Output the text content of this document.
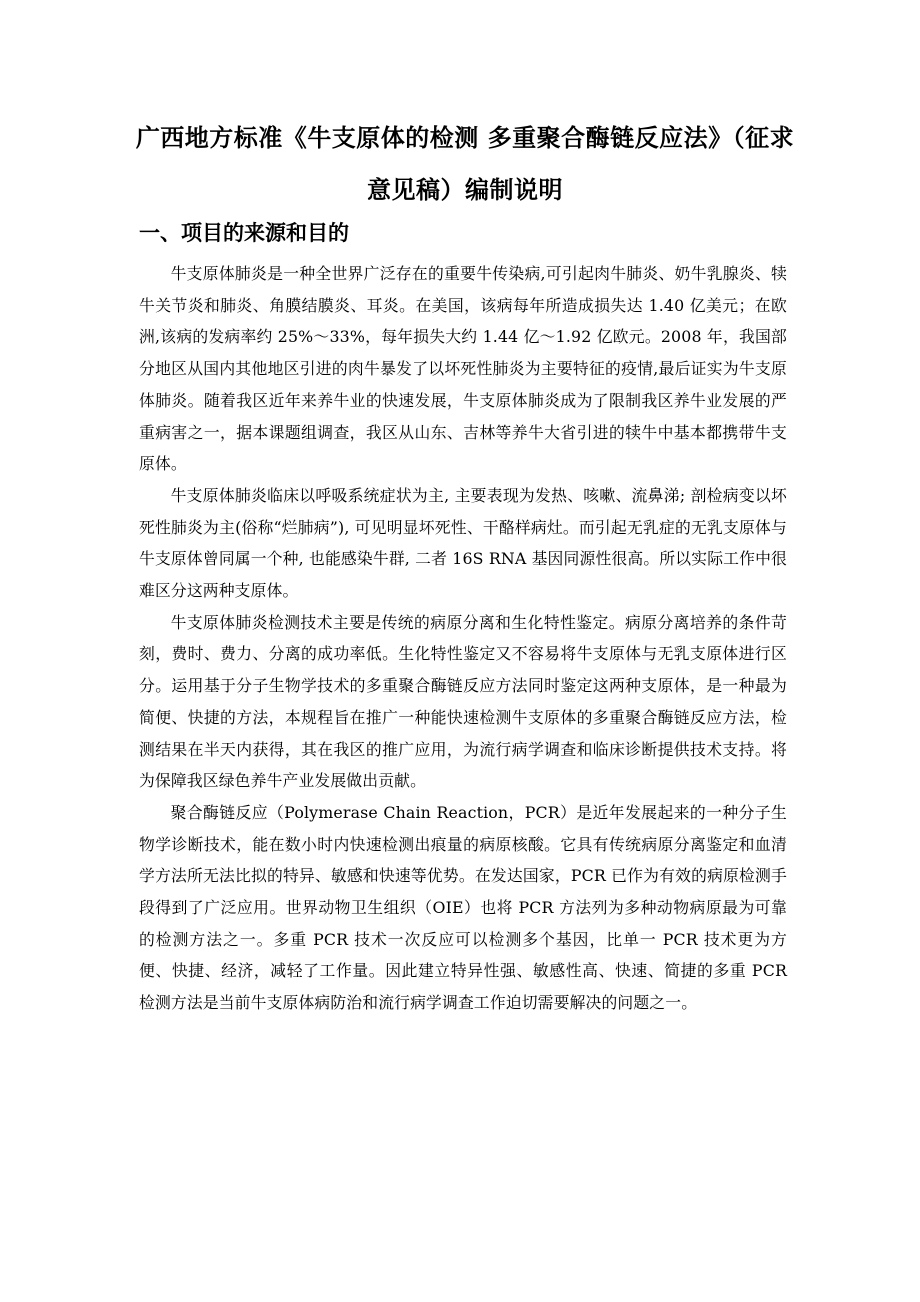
广西地方标准《牛支原体的检测 多重聚合酶链反应法》（征求意见稿）编制说明
一、项目的来源和目的

牛支原体肺炎是一种全世界广泛存在的重要牛传染病,可引起肉牛肺炎、奶牛乳腺炎、犊牛关节炎和肺炎、角膜结膜炎、耳炎。在美国，该病每年所造成损失达 1.40 亿美元；在欧洲,该病的发病率约 25%～33%，每年损失大约 1.44 亿～1.92 亿欧元。2008 年，我国部分地区从国内其他地区引进的肉牛暴发了以坏死性肺炎为主要特征的疫情,最后证实为牛支原体肺炎。随着我区近年来养牛业的快速发展，牛支原体肺炎成为了限制我区养牛业发展的严重病害之一，据本课题组调查，我区从山东、吉林等养牛大省引进的犊牛中基本都携带牛支原体。

牛支原体肺炎临床以呼吸系统症状为主, 主要表现为发热、咳嗽、流鼻涕; 剖检病变以坏死性肺炎为主(俗称“烂肺病”), 可见明显坏死性、干酪样病灶。而引起无乳症的无乳支原体与牛支原体曾同属一个种, 也能感染牛群, 二者 16S RNA 基因同源性很高。所以实际工作中很难区分这两种支原体。

牛支原体肺炎检测技术主要是传统的病原分离和生化特性鉴定。病原分离培养的条件苛刻，费时、费力、分离的成功率低。生化特性鉴定又不容易将牛支原体与无乳支原体进行区分。运用基于分子生物学技术的多重聚合酶链反应方法同时鉴定这两种支原体，是一种最为简便、快捷的方法，本规程旨在推广一种能快速检测牛支原体的多重聚合酶链反应方法，检测结果在半天内获得，其在我区的推广应用，为流行病学调查和临床诊断提供技术支持。将为保障我区绿色养牛产业发展做出贡献。

聚合酶链反应（Polymerase Chain Reaction，PCR）是近年发展起来的一种分子生物学诊断技术，能在数小时内快速检测出痕量的病原核酸。它具有传统病原分离鉴定和血清学方法所无法比拟的特异、敏感和快速等优势。在发达国家，PCR 已作为有效的病原检测手段得到了广泛应用。世界动物卫生组织（OIE）也将 PCR 方法列为多种动物病原最为可靠的检测方法之一。多重 PCR 技术一次反应可以检测多个基因，比单一 PCR 技术更为方便、快捷、经济，减轻了工作量。因此建立特异性强、敏感性高、快速、简捷的多重 PCR 检测方法是当前牛支原体病防治和流行病学调查工作迫切需要解决的问题之一。
